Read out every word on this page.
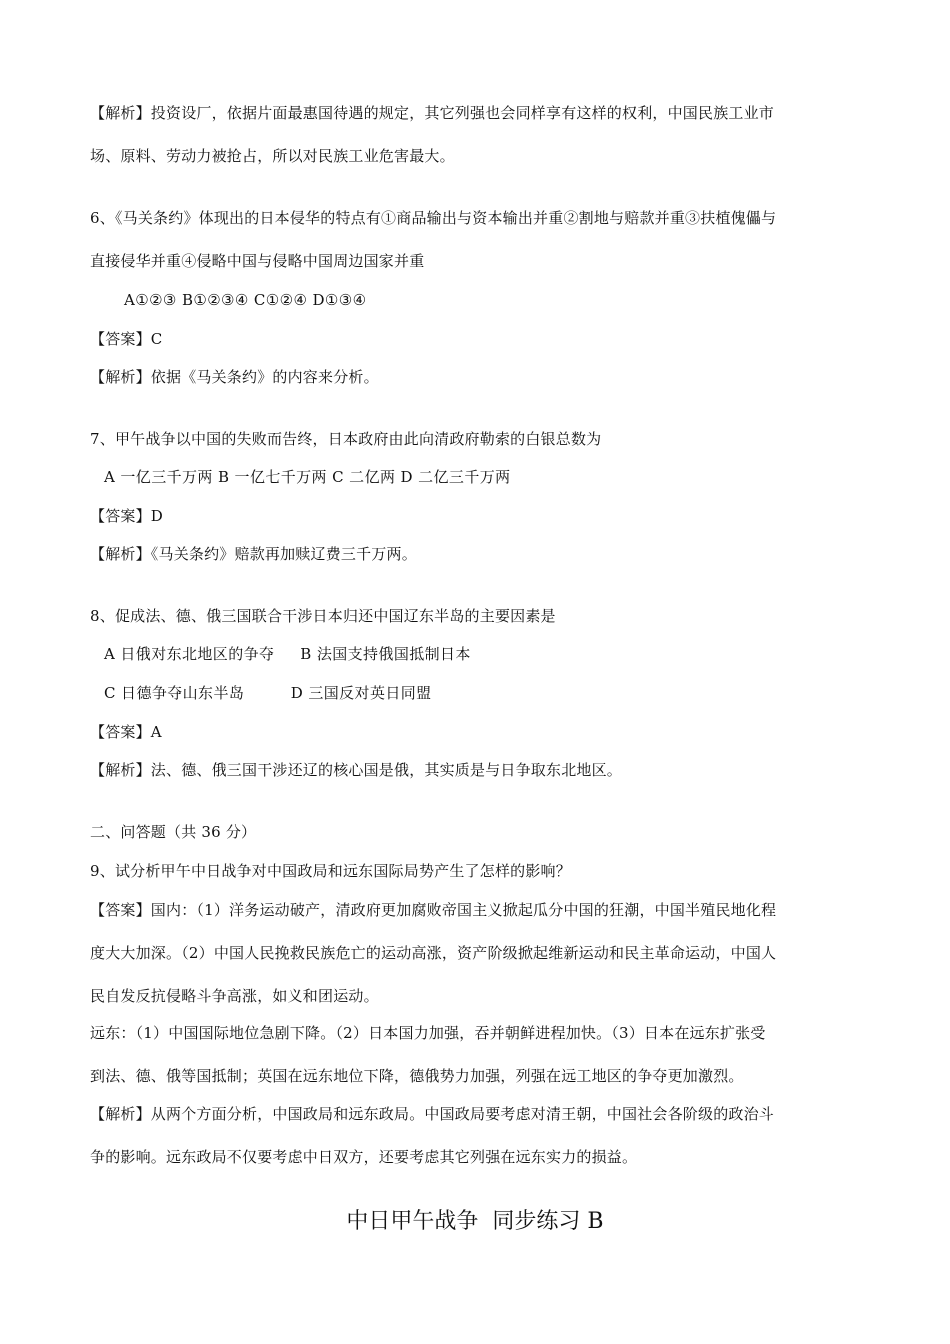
【解析】投资设厂，依据片面最惠国待遇的规定，其它列强也会同样享有这样的权利，中国民族工业市
场、原料、劳动力被抢占，所以对民族工业危害最大。
6、《马关条约》体现出的日本侵华的特点有①商品输出与资本输出并重②割地与赔款并重③扶植傀儡与
直接侵华并重④侵略中国与侵略中国周边国家并重
A①②③ B①②③④ C①②④ D①③④
【答案】C
【解析】依据《马关条约》的内容来分析。
7、甲午战争以中国的失败而告终，日本政府由此向清政府勒索的白银总数为
A 一亿三千万两 B 一亿七千万两 C 二亿两 D 二亿三千万两
【答案】D
【解析】《马关条约》赔款再加赎辽费三千万两。
8、促成法、德、俄三国联合干涉日本归还中国辽东半岛的主要因素是
A 日俄对东北地区的争夺     B 法国支持俄国抵制日本
C 日德争夺山东半岛         D 三国反对英日同盟
【答案】A
【解析】法、德、俄三国干涉还辽的核心国是俄，其实质是与日争取东北地区。
二、问答题（共 36 分）
9、试分析甲午中日战争对中国政局和远东国际局势产生了怎样的影响？
【答案】国内：（1）洋务运动破产，清政府更加腐败帝国主义掀起瓜分中国的狂潮，中国半殖民地化程
度大大加深。（2）中国人民挽救民族危亡的运动高涨，资产阶级掀起维新运动和民主革命运动，中国人
民自发反抗侵略斗争高涨，如义和团运动。
远东：（1）中国国际地位急剧下降。（2）日本国力加强，吞并朝鲜进程加快。（3）日本在远东扩张受
到法、德、俄等国抵制；英国在远东地位下降，德俄势力加强，列强在远工地区的争夺更加激烈。
【解析】从两个方面分析，中国政局和远东政局。中国政局要考虑对清王朝，中国社会各阶级的政治斗
争的影响。远东政局不仅要考虑中日双方，还要考虑其它列强在远东实力的损益。
中日甲午战争  同步练习 B
